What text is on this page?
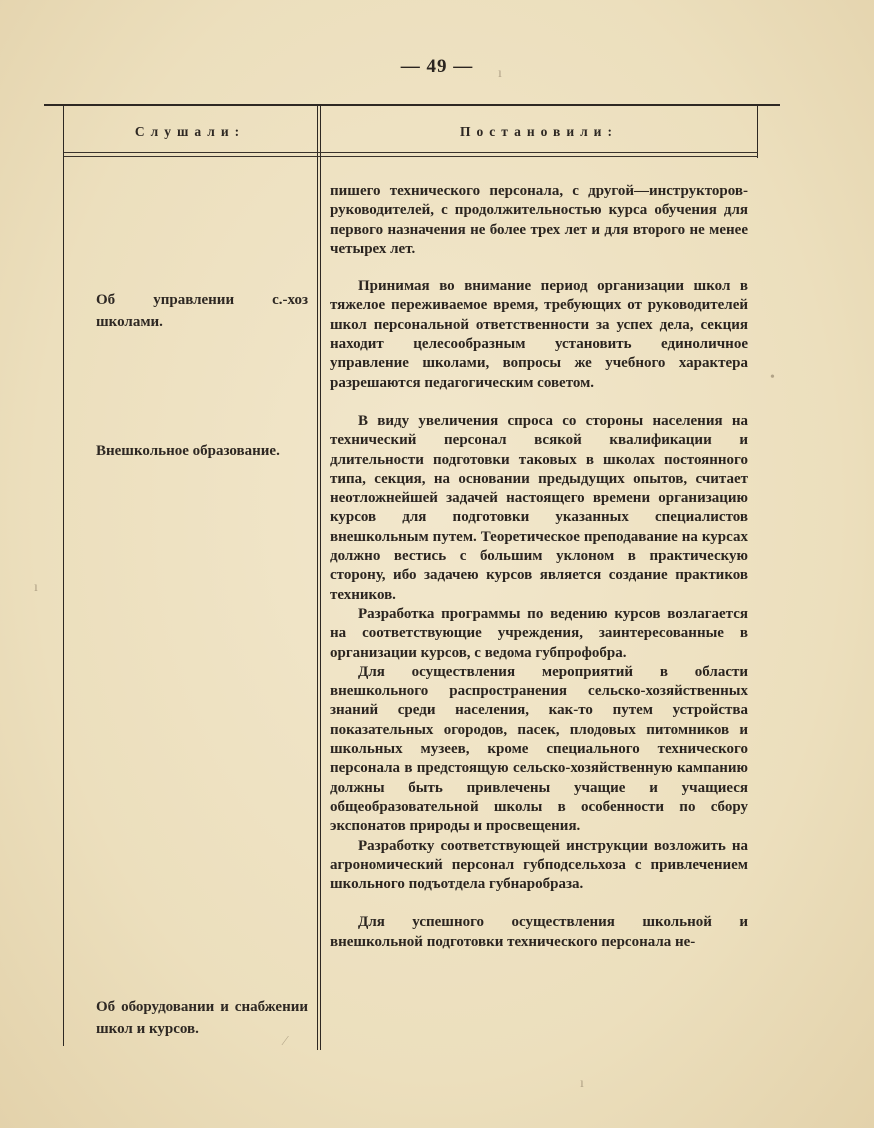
— 49 —
Слушали:	Постановили:
Об управлении с.-хоз школами.
Внешкольное образование.
Об оборудовании и снабжении школ и курсов.

пишего технического персонала, с другой—инструкторов-руководителей, с продолжительностью курса обучения для первого назначения не более трех лет и для второго не менее четырех лет.

Принимая во внимание период организации школ в тяжелое переживаемое время, требующих от руководителей школ персональной ответственности за успех дела, секция находит целесообразным установить единоличное управление школами, вопросы же учебного характера разрешаются педагогическим советом.

В виду увеличения спроса со стороны населения на технический персонал всякой квалификации и длительности подготовки таковых в школах постоянного типа, секция, на основании предыдущих опытов, считает неотложнейшей задачей настоящего времени организацию курсов для подготовки указанных специалистов внешкольным путем. Теоретическое преподавание на курсах должно вестись с большим уклоном в практическую сторону, ибо задачею курсов является создание практиков техников.

Разработка программы по ведению курсов возлагается на соответствующие учреждения, заинтересованные в организации курсов, с ведома губпрофобра.

Для осуществления мероприятий в области внешкольного распространения сельско-хозяйственных знаний среди населения, как-то путем устройства показательных огородов, пасек, плодовых питомников и школьных музеев, кроме специального технического персонала в предстоящую сельско-хозяйственную кампанию должны быть привлечены учащие и учащиеся общеобразовательной школы в особенности по сбору экспонатов природы и просвещения.

Разработку соответствующей инструкции возложить на агрономический персонал губподсельхоза с привлечением школьного подъотдела губнаробраза.

Для успешного осуществления школьной и внешкольной подготовки технического персонала не-

ı
•
⁄
ı
ı
